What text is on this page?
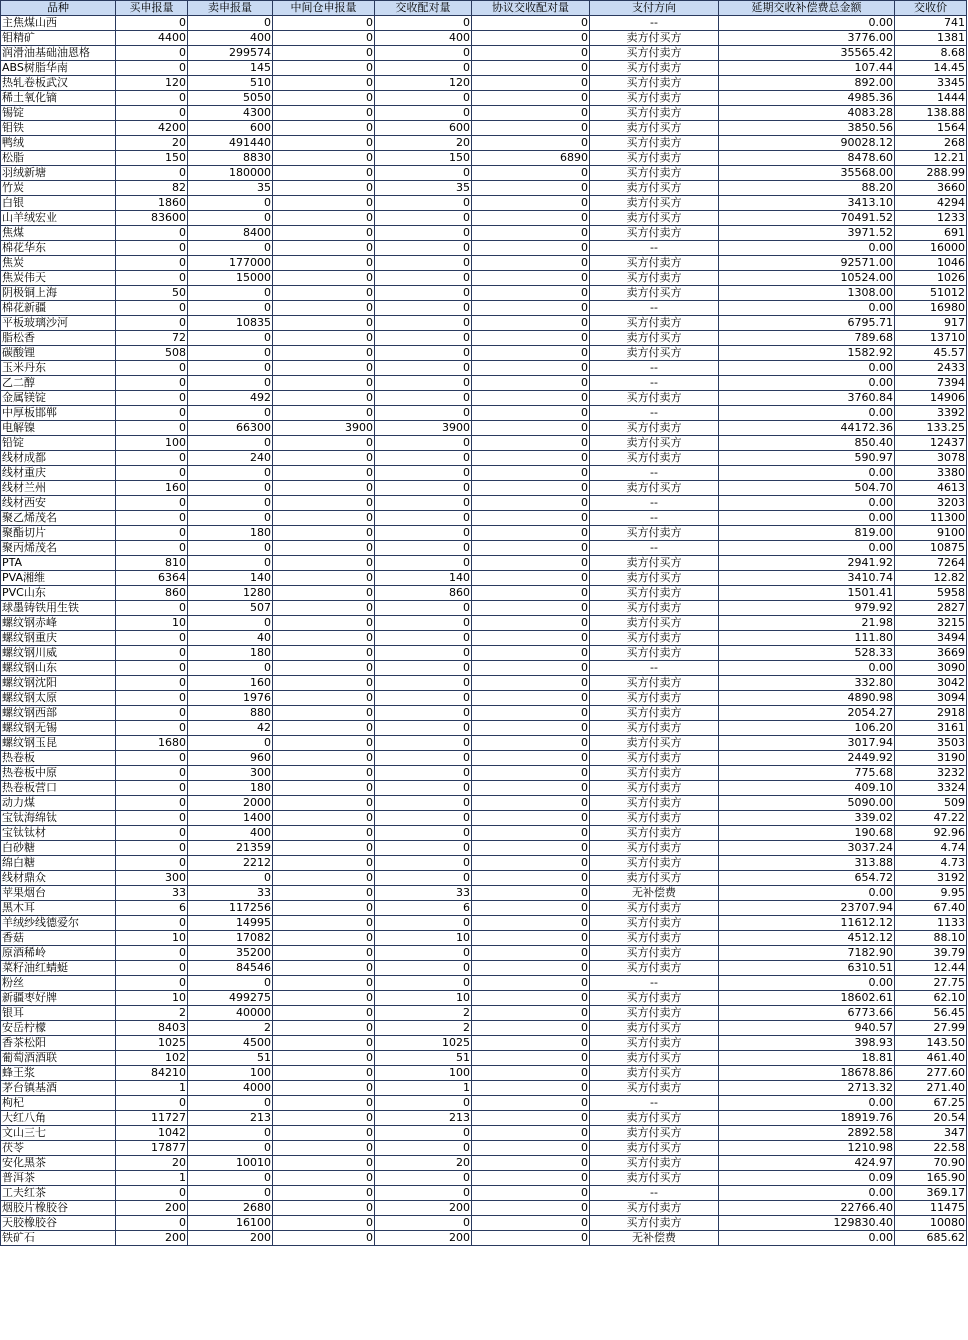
品种	买申报量	卖申报量	中间仓申报量	交收配对量	协议交收配对量	支付方向	延期交收补偿费总金额	交收价
主焦煤山西	0	0	0	0	0	--	0.00	741
钼精矿	4400	400	0	400	0	卖方付买方	3776.00	1381
润滑油基础油恩格	0	299574	0	0	0	买方付卖方	35565.42	8.68
ABS树脂华南	0	145	0	0	0	买方付卖方	107.44	14.45
热轧卷板武汉	120	510	0	120	0	买方付卖方	892.00	3345
稀土氧化镝	0	5050	0	0	0	买方付卖方	4985.36	1444
锡锭	0	4300	0	0	0	买方付卖方	4083.28	138.88
钼铁	4200	600	0	600	0	卖方付买方	3850.56	1564
鸭绒	20	491440	0	20	0	买方付卖方	90028.12	268
松脂	150	8830	0	150	6890	买方付卖方	8478.60	12.21
羽绒新塘	0	180000	0	0	0	买方付卖方	35568.00	288.99
竹炭	82	35	0	35	0	卖方付买方	88.20	3660
白银	1860	0	0	0	0	卖方付买方	3413.10	4294
山羊绒宏业	83600	0	0	0	0	卖方付买方	70491.52	1233
焦煤	0	8400	0	0	0	买方付卖方	3971.52	691
棉花华东	0	0	0	0	0	--	0.00	16000
焦炭	0	177000	0	0	0	买方付卖方	92571.00	1046
焦炭伟天	0	15000	0	0	0	买方付卖方	10524.00	1026
阴极铜上海	50	0	0	0	0	卖方付买方	1308.00	51012
棉花新疆	0	0	0	0	0	--	0.00	16980
平板玻璃沙河	0	10835	0	0	0	买方付卖方	6795.71	917
脂松香	72	0	0	0	0	卖方付买方	789.68	13710
碳酸锂	508	0	0	0	0	卖方付买方	1582.92	45.57
玉米丹东	0	0	0	0	0	--	0.00	2433
乙二醇	0	0	0	0	0	--	0.00	7394
金属镁锭	0	492	0	0	0	买方付卖方	3760.84	14906
中厚板邯郸	0	0	0	0	0	--	0.00	3392
电解镍	0	66300	3900	3900	0	买方付卖方	44172.36	133.25
铅锭	100	0	0	0	0	卖方付买方	850.40	12437
线材成都	0	240	0	0	0	买方付卖方	590.97	3078
线材重庆	0	0	0	0	0	--	0.00	3380
线材兰州	160	0	0	0	0	卖方付买方	504.70	4613
线材西安	0	0	0	0	0	--	0.00	3203
聚乙烯茂名	0	0	0	0	0	--	0.00	11300
聚酯切片	0	180	0	0	0	买方付卖方	819.00	9100
聚丙烯茂名	0	0	0	0	0	--	0.00	10875
PTA	810	0	0	0	0	卖方付买方	2941.92	7264
PVA湘维	6364	140	0	140	0	卖方付买方	3410.74	12.82
PVC山东	860	1280	0	860	0	买方付卖方	1501.41	5958
球墨铸铁用生铁	0	507	0	0	0	买方付卖方	979.92	2827
螺纹钢赤峰	10	0	0	0	0	卖方付买方	21.98	3215
螺纹钢重庆	0	40	0	0	0	买方付卖方	111.80	3494
螺纹钢川威	0	180	0	0	0	买方付卖方	528.33	3669
螺纹钢山东	0	0	0	0	0	--	0.00	3090
螺纹钢沈阳	0	160	0	0	0	买方付卖方	332.80	3042
螺纹钢太原	0	1976	0	0	0	买方付卖方	4890.98	3094
螺纹钢西部	0	880	0	0	0	买方付卖方	2054.27	2918
螺纹钢无锡	0	42	0	0	0	买方付卖方	106.20	3161
螺纹钢玉昆	1680	0	0	0	0	卖方付买方	3017.94	3503
热卷板	0	960	0	0	0	买方付卖方	2449.92	3190
热卷板中原	0	300	0	0	0	买方付卖方	775.68	3232
热卷板营口	0	180	0	0	0	买方付卖方	409.10	3324
动力煤	0	2000	0	0	0	买方付卖方	5090.00	509
宝钛海绵钛	0	1400	0	0	0	买方付卖方	339.02	47.22
宝钛钛材	0	400	0	0	0	买方付卖方	190.68	92.96
白砂糖	0	21359	0	0	0	买方付卖方	3037.24	4.74
绵白糖	0	2212	0	0	0	买方付卖方	313.88	4.73
线材鼎众	300	0	0	0	0	卖方付买方	654.72	3192
苹果烟台	33	33	0	33	0	无补偿费	0.00	9.95
黑木耳	6	117256	0	6	0	买方付卖方	23707.94	67.40
羊绒纱线德爱尔	0	14995	0	0	0	买方付卖方	11612.12	1133
香菇	10	17082	0	10	0	买方付卖方	4512.12	88.10
原酒稀岭	0	35200	0	0	0	买方付卖方	7182.90	39.79
菜籽油红蜻蜓	0	84546	0	0	0	买方付卖方	6310.51	12.44
粉丝	0	0	0	0	0	--	0.00	27.75
新疆枣好牌	10	499275	0	10	0	买方付卖方	18602.61	62.10
银耳	2	40000	0	2	0	买方付卖方	6773.66	56.45
安岳柠檬	8403	2	0	2	0	卖方付买方	940.57	27.99
香茶松阳	1025	4500	0	1025	0	买方付卖方	398.93	143.50
葡萄酒酒联	102	51	0	51	0	卖方付买方	18.81	461.40
蜂王浆	84210	100	0	100	0	卖方付买方	18678.86	277.60
茅台镇基酒	1	4000	0	1	0	买方付卖方	2713.32	271.40
枸杞	0	0	0	0	0	--	0.00	67.25
大红八角	11727	213	0	213	0	卖方付买方	18919.76	20.54
文山三七	1042	0	0	0	0	卖方付买方	2892.58	347
茯苓	17877	0	0	0	0	卖方付买方	1210.98	22.58
安化黑茶	20	10010	0	20	0	买方付卖方	424.97	70.90
普洱茶	1	0	0	0	0	卖方付买方	0.09	165.90
工夫红茶	0	0	0	0	0	--	0.00	369.17
烟胶片橡胶谷	200	2680	0	200	0	买方付卖方	22766.40	11475
天胶橡胶谷	0	16100	0	0	0	买方付卖方	129830.40	10080
铁矿石	200	200	0	200	0	无补偿费	0.00	685.62
